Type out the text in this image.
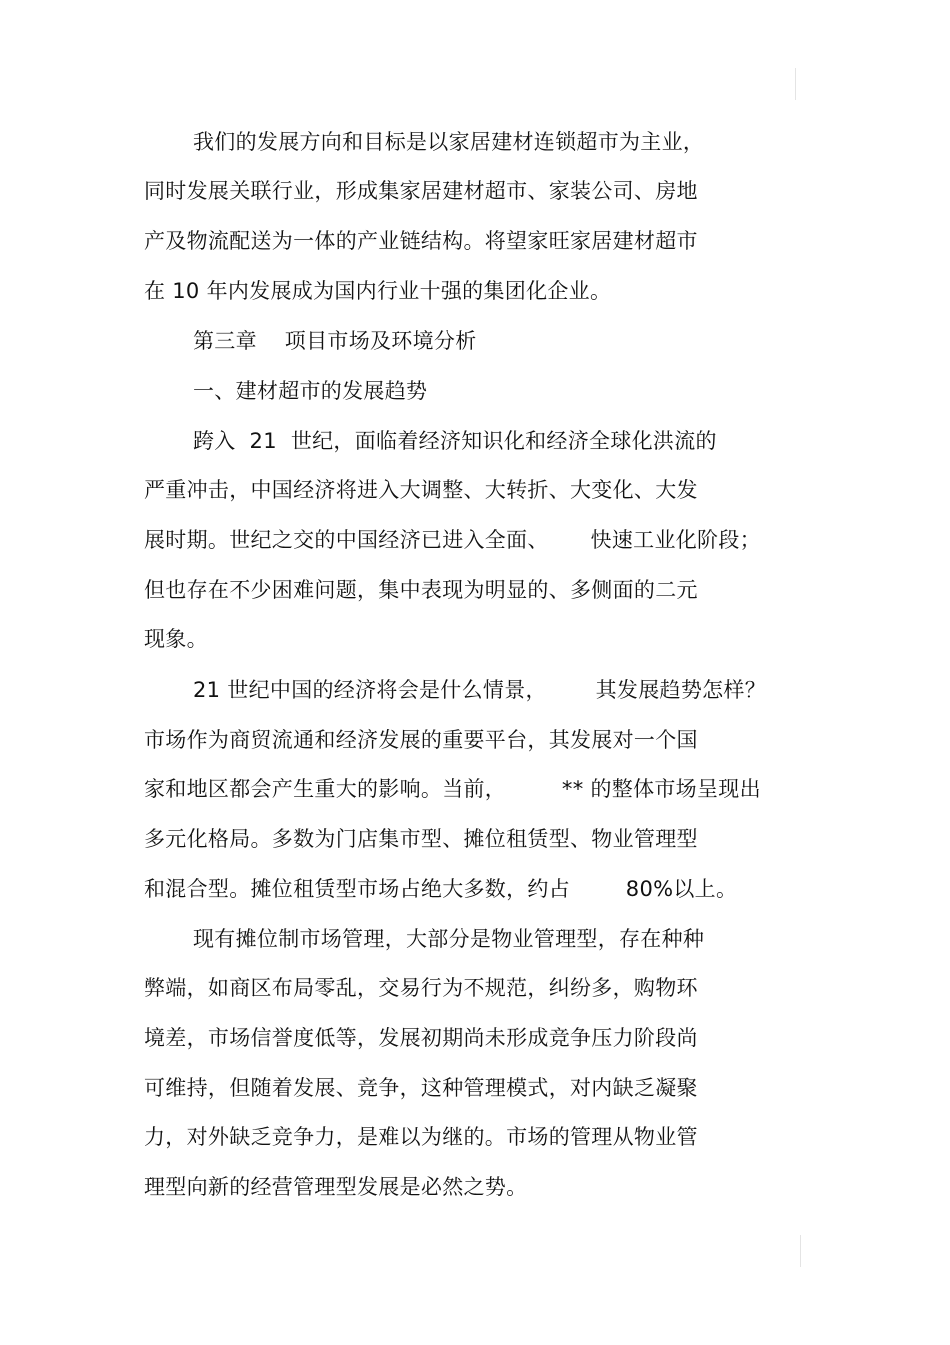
我们的发展方向和目标是以家居建材连锁超市为主业，
同时发展关联行业，形成集家居建材超市、家装公司、房地
产及物流配送为一体的产业链结构。将望家旺家居建材超市
在 10 年内发展成为国内行业十强的集团化企业。
第三章    项目市场及环境分析
一、建材超市的发展趋势
跨入  21  世纪，面临着经济知识化和经济全球化洪流的
严重冲击，中国经济将进入大调整、大转折、大变化、大发
展时期。世纪之交的中国经济已进入全面、      快速工业化阶段；
但也存在不少困难问题，集中表现为明显的、多侧面的二元
现象。
21 世纪中国的经济将会是什么情景，       其发展趋势怎样？
市场作为商贸流通和经济发展的重要平台，其发展对一个国
家和地区都会产生重大的影响。当前，        ** 的整体市场呈现出
多元化格局。多数为门店集市型、摊位租赁型、物业管理型
和混合型。摊位租赁型市场占绝大多数，约占        80%以上。
现有摊位制市场管理，大部分是物业管理型，存在种种
弊端，如商区布局零乱，交易行为不规范，纠纷多，购物环
境差，市场信誉度低等，发展初期尚未形成竞争压力阶段尚
可维持，但随着发展、竞争，这种管理模式，对内缺乏凝聚
力，对外缺乏竞争力，是难以为继的。市场的管理从物业管
理型向新的经营管理型发展是必然之势。
